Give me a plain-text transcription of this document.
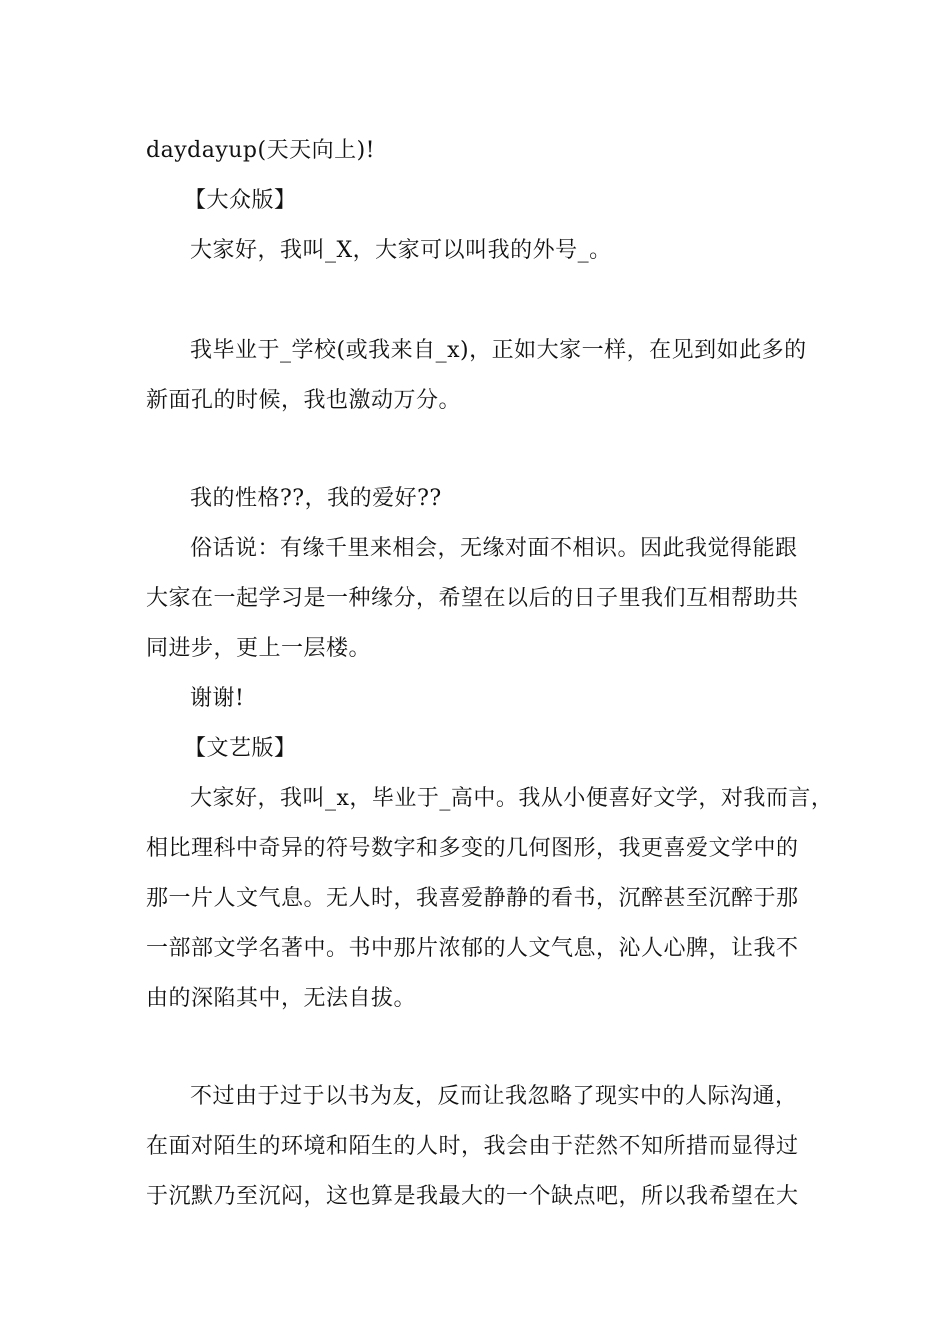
daydayup(天天向上)!
【大众版】
大家好，我叫_X，大家可以叫我的外号_。
我毕业于_学校(或我来自_x)，正如大家一样，在见到如此多的
新面孔的时候，我也激动万分。
我的性格??，我的爱好??
俗话说：有缘千里来相会，无缘对面不相识。因此我觉得能跟
大家在一起学习是一种缘分，希望在以后的日子里我们互相帮助共
同进步，更上一层楼。
谢谢!
【文艺版】
大家好，我叫_x，毕业于_高中。我从小便喜好文学，对我而言，
相比理科中奇异的符号数字和多变的几何图形，我更喜爱文学中的
那一片人文气息。无人时，我喜爱静静的看书，沉醉甚至沉醉于那
一部部文学名著中。书中那片浓郁的人文气息，沁人心脾，让我不
由的深陷其中，无法自拔。
不过由于过于以书为友，反而让我忽略了现实中的人际沟通，
在面对陌生的环境和陌生的人时，我会由于茫然不知所措而显得过
于沉默乃至沉闷，这也算是我最大的一个缺点吧，所以我希望在大
